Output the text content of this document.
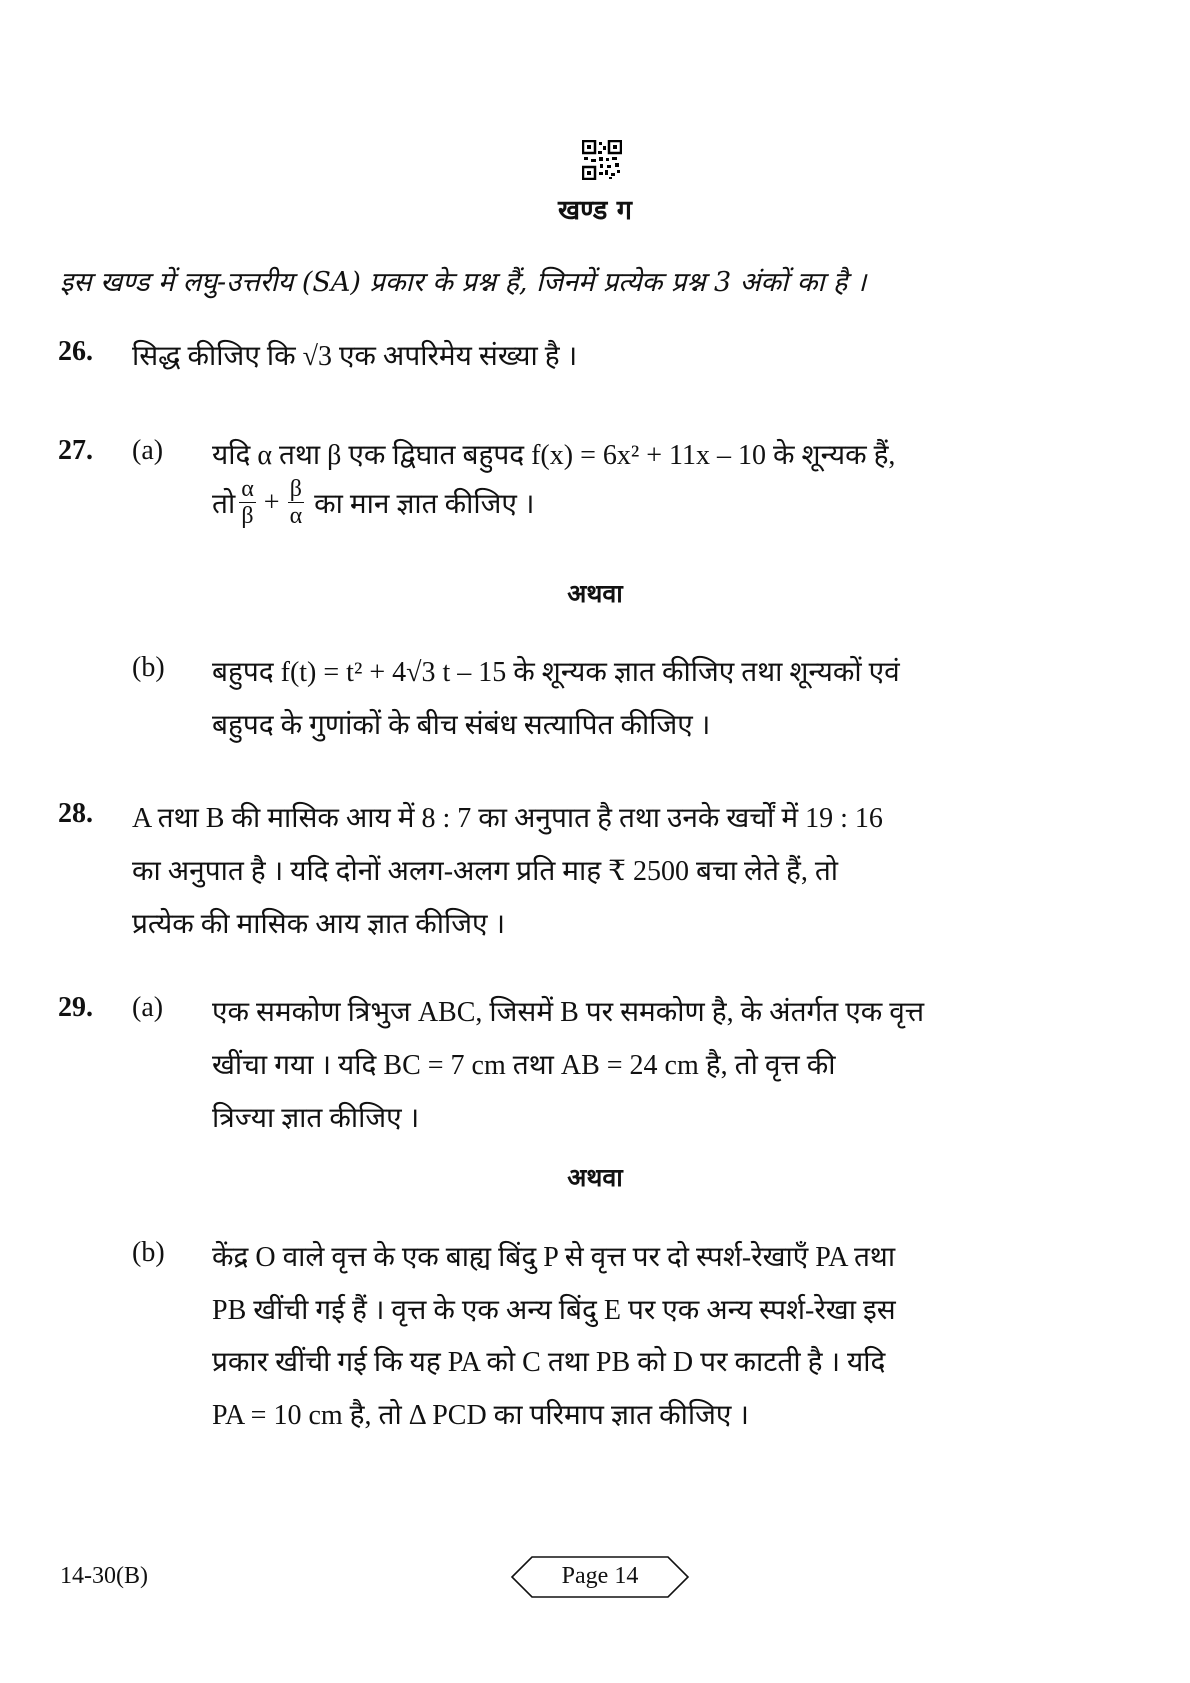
खण्ड ग
इस खण्ड में लघु-उत्तरीय (SA) प्रकार के प्रश्न हैं, जिनमें प्रत्येक प्रश्न 3 अंकों का है ।
26. सिद्ध कीजिए कि √3 एक अपरिमेय संख्या है ।
27. (a) यदि α तथा β एक द्विघात बहुपद f(x) = 6x² + 11x – 10 के शून्यक हैं,
तो $\frac{\alpha}{\beta} + \frac{\beta}{\alpha}$ का मान ज्ञात कीजिए ।
अथवा
(b) बहुपद f(t) = t² + 4√3 t – 15 के शून्यक ज्ञात कीजिए तथा शून्यकों एवं
बहुपद के गुणांकों के बीच संबंध सत्यापित कीजिए ।
28. A तथा B की मासिक आय में 8 : 7 का अनुपात है तथा उनके खर्चों में 19 : 16
का अनुपात है । यदि दोनों अलग-अलग प्रति माह ₹ 2500 बचा लेते हैं, तो
प्रत्येक की मासिक आय ज्ञात कीजिए ।
29. (a) एक समकोण त्रिभुज ABC, जिसमें B पर समकोण है, के अंतर्गत एक वृत्त
खींचा गया । यदि BC = 7 cm तथा AB = 24 cm है, तो वृत्त की
त्रिज्या ज्ञात कीजिए ।
अथवा
(b) केंद्र O वाले वृत्त के एक बाह्य बिंदु P से वृत्त पर दो स्पर्श-रेखाएँ PA तथा
PB खींची गई हैं । वृत्त के एक अन्य बिंदु E पर एक अन्य स्पर्श-रेखा इस
प्रकार खींची गई कि यह PA को C तथा PB को D पर काटती है । यदि
PA = 10 cm है, तो Δ PCD का परिमाप ज्ञात कीजिए ।
14-30(B)	Page 14
